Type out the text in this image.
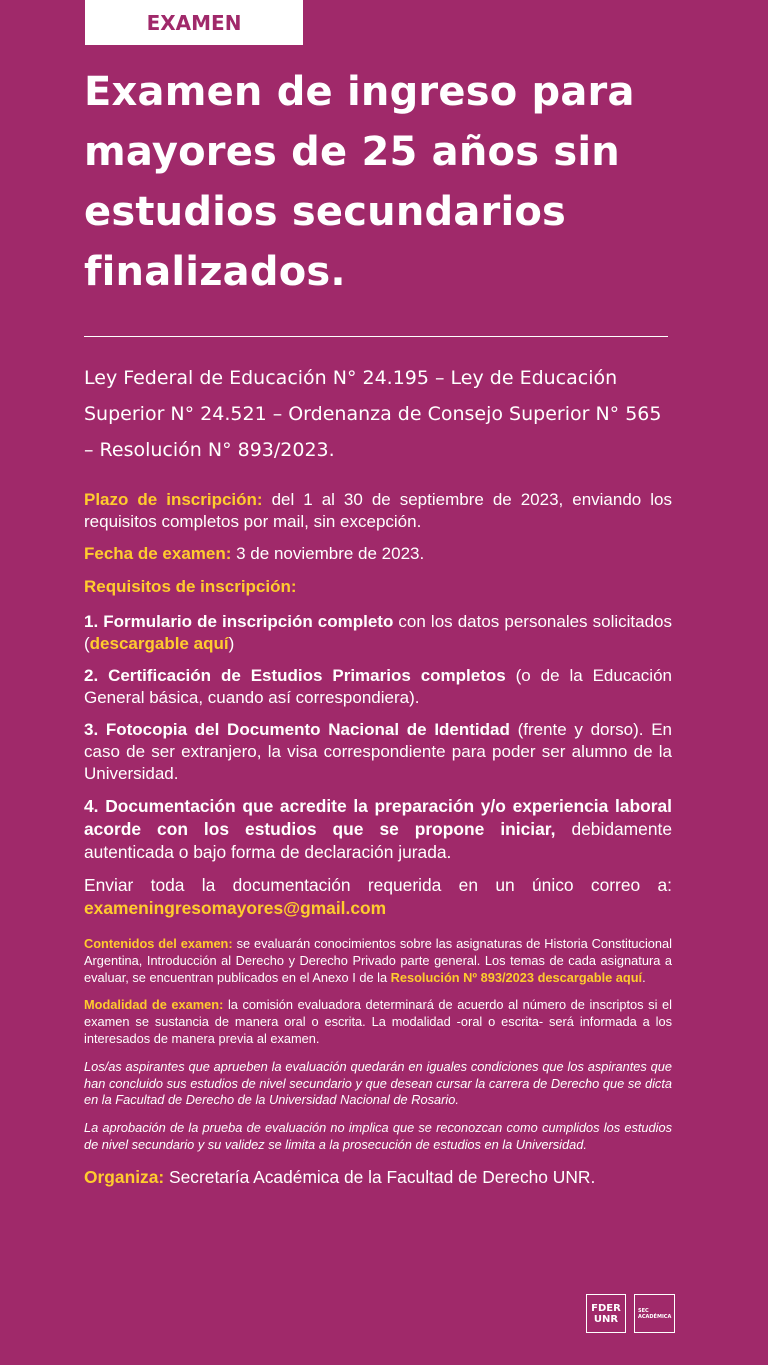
EXAMEN
Examen de ingreso para mayores de 25 años sin estudios secundarios finalizados.

Ley Federal de Educación N° 24.195 – Ley de Educación Superior N° 24.521 – Ordenanza de Consejo Superior N° 565 – Resolución N° 893/2023.

Plazo de inscripción: del 1 al 30 de septiembre de 2023, enviando los requisitos completos por mail, sin excepción.

Fecha de examen: 3 de noviembre de 2023.

Requisitos de inscripción:

1. Formulario de inscripción completo con los datos personales solicitados (descargable aquí)

2. Certificación de Estudios Primarios completos (o de la Educación General básica, cuando así correspondiera).

3. Fotocopia del Documento Nacional de Identidad (frente y dorso). En caso de ser extranjero, la visa correspondiente para poder ser alumno de la Universidad.

4. Documentación que acredite la preparación y/o experiencia laboral acorde con los estudios que se propone iniciar, debidamente autenticada o bajo forma de declaración jurada.

Enviar toda la documentación requerida en un único correo a: exameningresomayores@gmail.com

Contenidos del examen: se evaluarán conocimientos sobre las asignaturas de Historia Constitucional Argentina, Introducción al Derecho y Derecho Privado parte general. Los temas de cada asignatura a evaluar, se encuentran publicados en el Anexo I de la Resolución Nº 893/2023 descargable aquí.

Modalidad de examen: la comisión evaluadora determinará de acuerdo al número de inscriptos si el examen se sustancia de manera oral o escrita. La modalidad -oral o escrita- será informada a los interesados de manera previa al examen.

Los/as aspirantes que aprueben la evaluación quedarán en iguales condiciones que los aspirantes que han concluido sus estudios de nivel secundario y que desean cursar la carrera de Derecho que se dicta en la Facultad de Derecho de la Universidad Nacional de Rosario.

La aprobación de la prueba de evaluación no implica que se reconozcan como cumplidos los estudios de nivel secundario y su validez se limita a la prosecución de estudios en la Universidad.

Organiza: Secretaría Académica de la Facultad de Derecho UNR.

FDER
UNR
SEC
ACADÉMICA
